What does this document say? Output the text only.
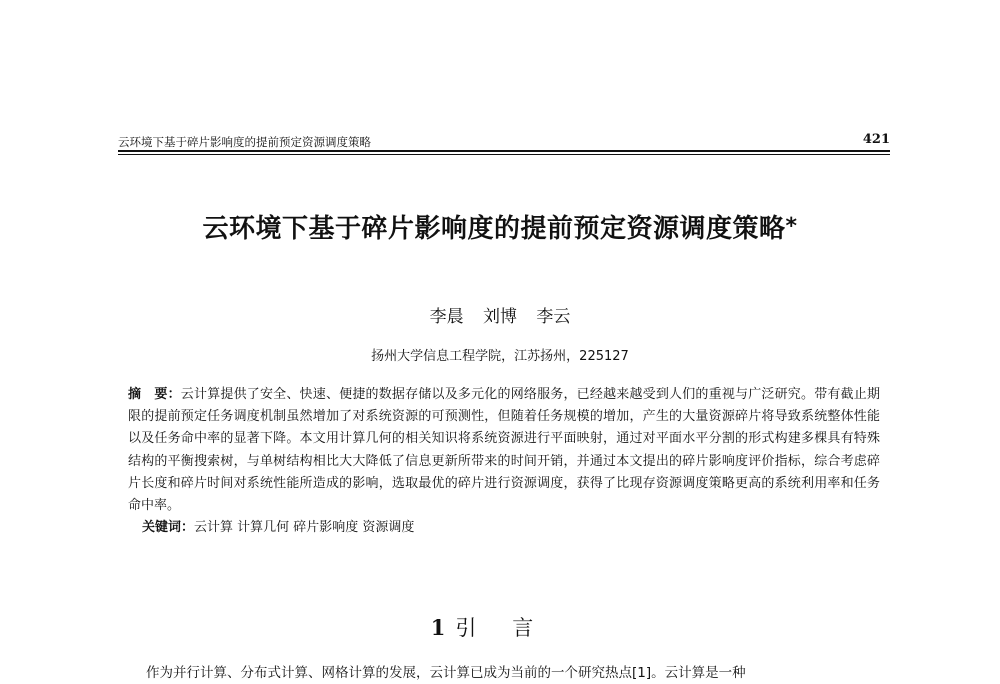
云环境下基于碎片影响度的提前预定资源调度策略	421
云环境下基于碎片影响度的提前预定资源调度策略*
李晨 刘博 李云
扬州大学信息工程学院，江苏扬州，225127

摘　要：云计算提供了安全、快速、便捷的数据存储以及多元化的网络服务，已经越来越受到人们的重视与广泛研究。带有截止期限的提前预定任务调度机制虽然增加了对系统资源的可预测性，但随着任务规模的增加，产生的大量资源碎片将导致系统整体性能以及任务命中率的显著下降。本文用计算几何的相关知识将系统资源进行平面映射，通过对平面水平分割的形式构建多棵具有特殊结构的平衡搜索树，与单树结构相比大大降低了信息更新所带来的时间开销，并通过本文提出的碎片影响度评价指标，综合考虑碎片长度和碎片时间对系统性能所造成的影响，选取最优的碎片进行资源调度，获得了比现存资源调度策略更高的系统利用率和任务命中率。

关键词：云计算 计算几何 碎片影响度 资源调度

1 引言

作为并行计算、分布式计算、网格计算的发展，云计算已成为当前的一个研究热点[1]。云计算是一种
